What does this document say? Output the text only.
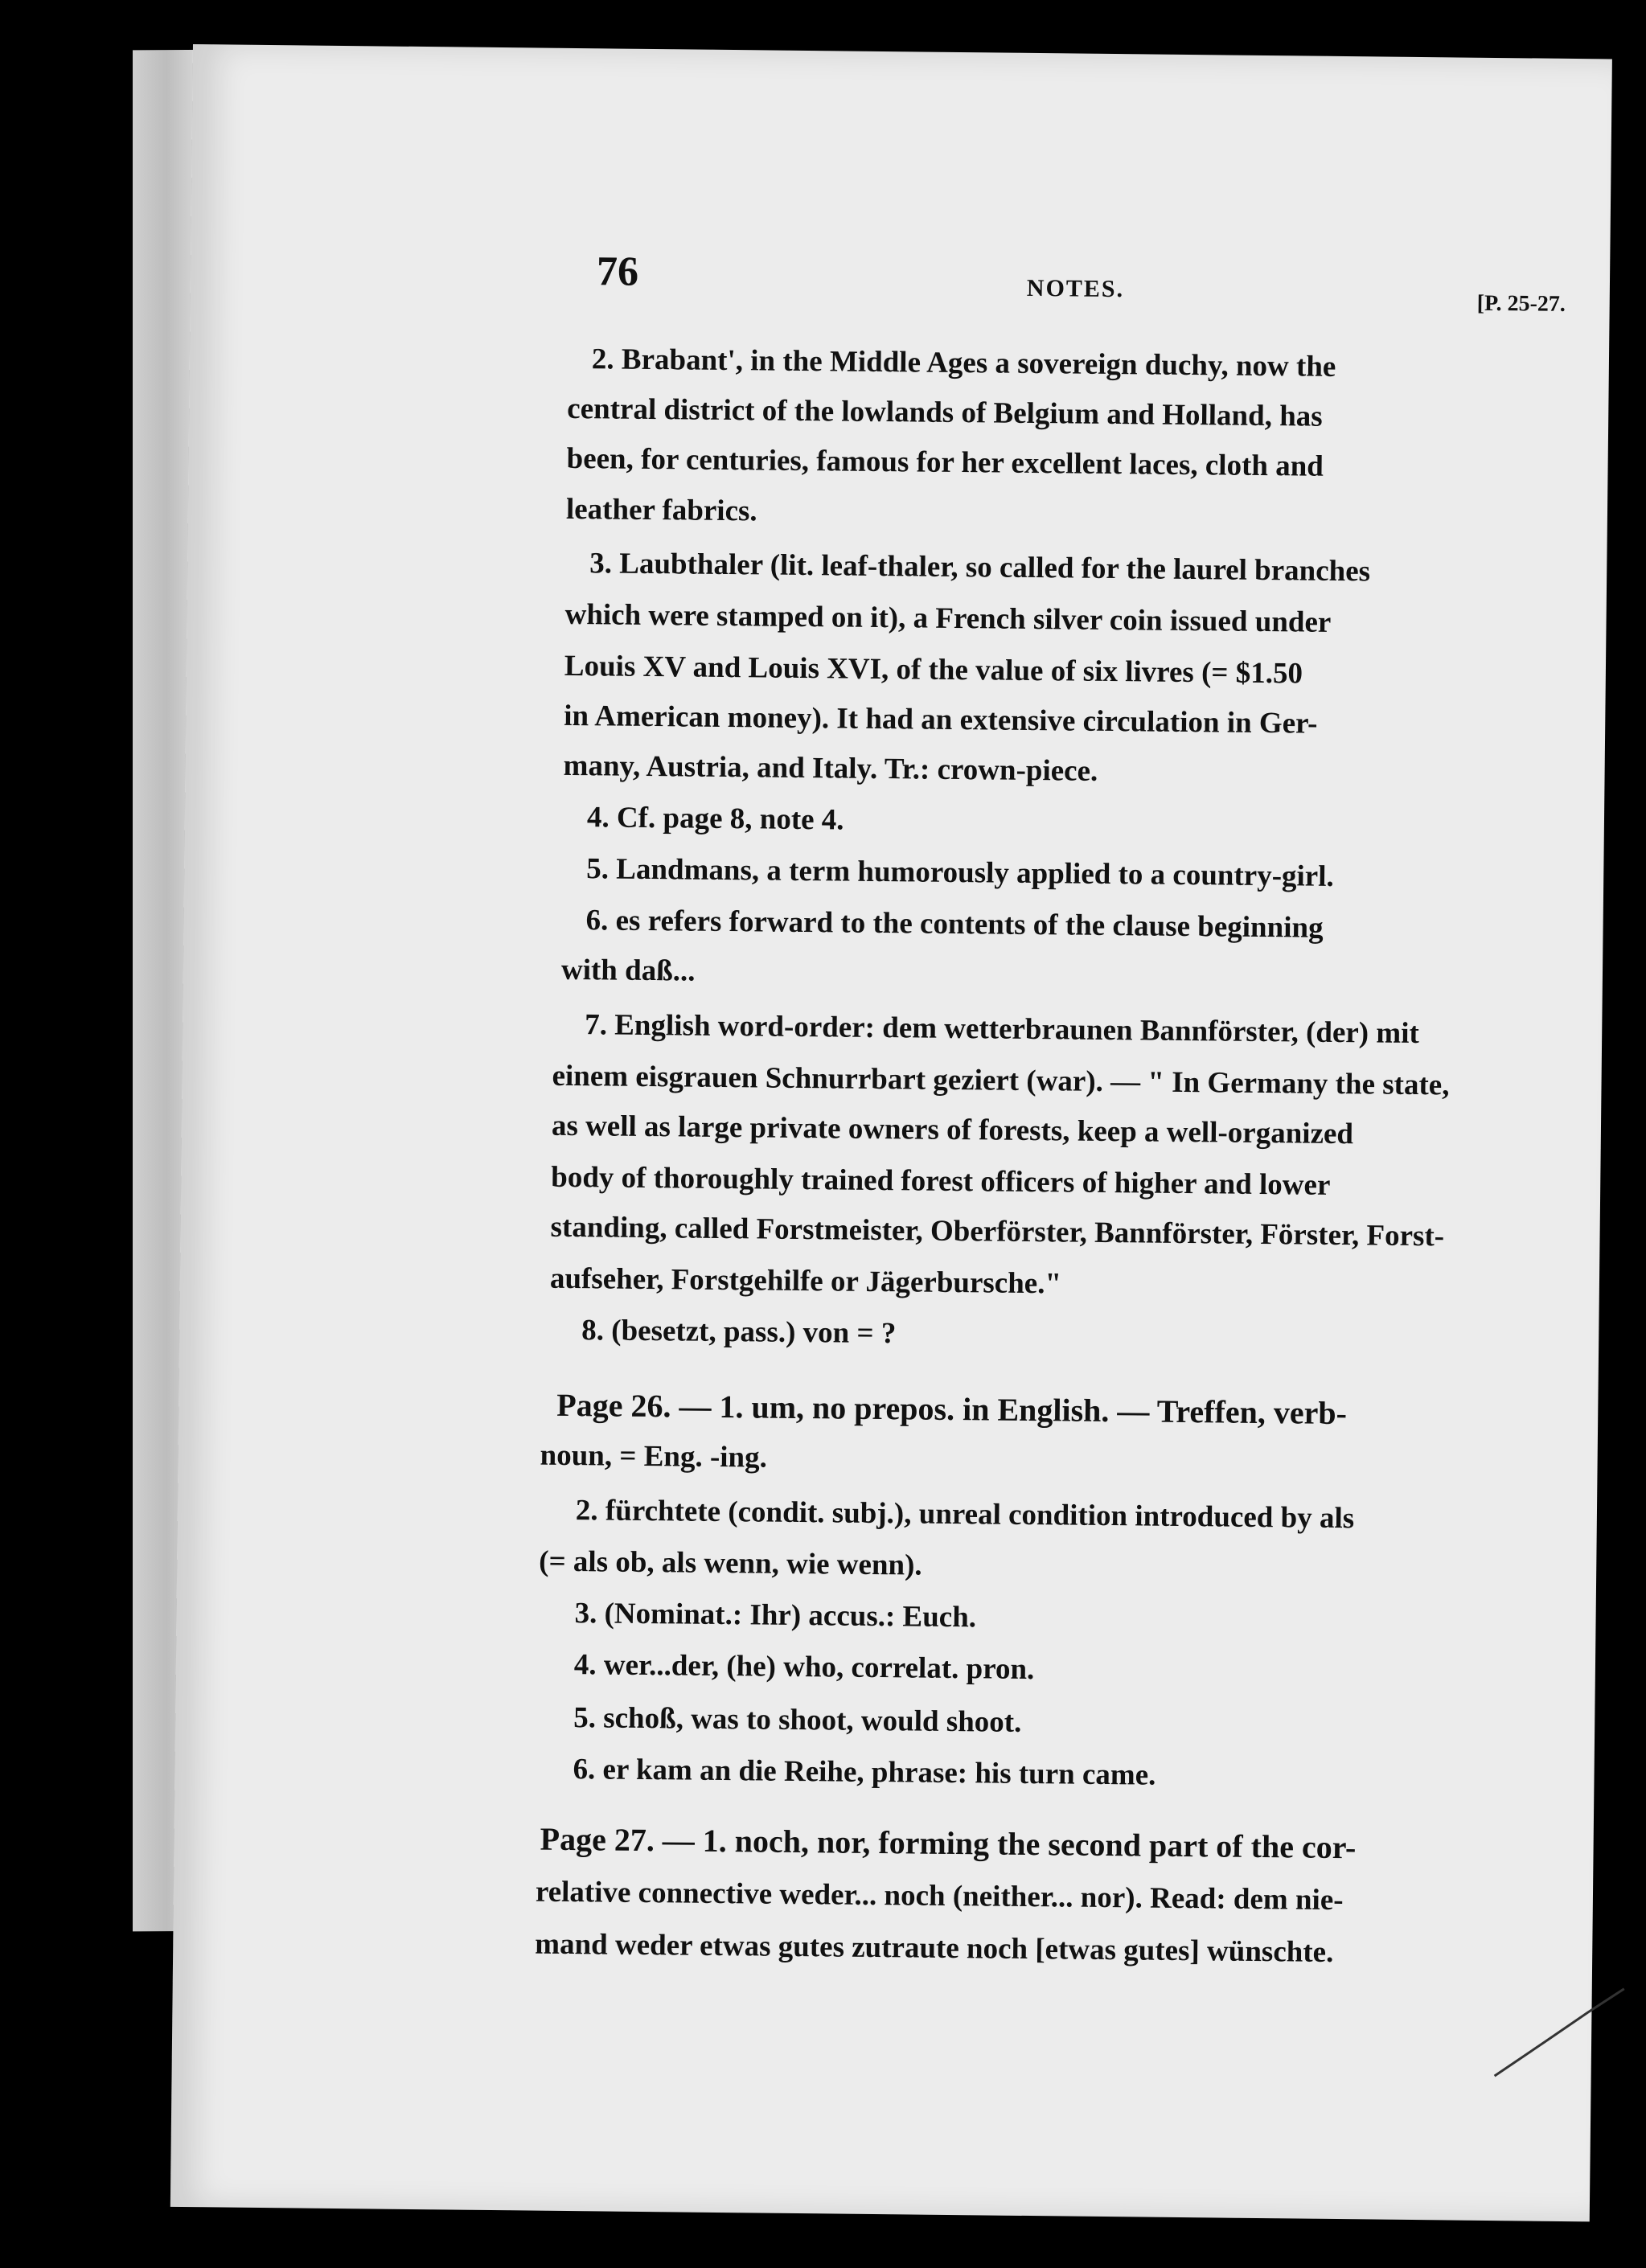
76	NOTES.
[P. 25-27.
2. Brabant', in the Middle Ages a sovereign duchy, now the
central district of the lowlands of Belgium and Holland, has
been, for centuries, famous for her excellent laces, cloth and
leather fabrics.
3. Laubthaler (lit. leaf-thaler, so called for the laurel branches
which were stamped on it), a French silver coin issued under
Louis XV and Louis XVI, of the value of six livres (= $1.50
in American money). It had an extensive circulation in Ger-
many, Austria, and Italy. Tr.: crown-piece.
4. Cf. page 8, note 4.
5. Landmans, a term humorously applied to a country-girl.
6. es refers forward to the contents of the clause beginning
with daß...
7. English word-order: dem wetterbraunen Bannförster, (der) mit
einem eisgrauen Schnurrbart geziert (war). — " In Germany the state,
as well as large private owners of forests, keep a well-organized
body of thoroughly trained forest officers of higher and lower
standing, called Forstmeister, Oberförster, Bannförster, Förster, Forst-
aufseher, Forstgehilfe or Jägerbursche."
8. (besetzt, pass.) von = ?
Page 26. — 1. um, no prepos. in English. — Treffen, verb-
noun, = Eng. -ing.
2. fürchtete (condit. subj.), unreal condition introduced by als
(= als ob, als wenn, wie wenn).
3. (Nominat.: Ihr) accus.: Euch.
4. wer...der, (he) who, correlat. pron.
5. schoß, was to shoot, would shoot.
6. er kam an die Reihe, phrase: his turn came.
Page 27. — 1. noch, nor, forming the second part of the cor-
relative connective weder... noch (neither... nor). Read: dem nie-
mand weder etwas gutes zutraute noch [etwas gutes] wünschte.
